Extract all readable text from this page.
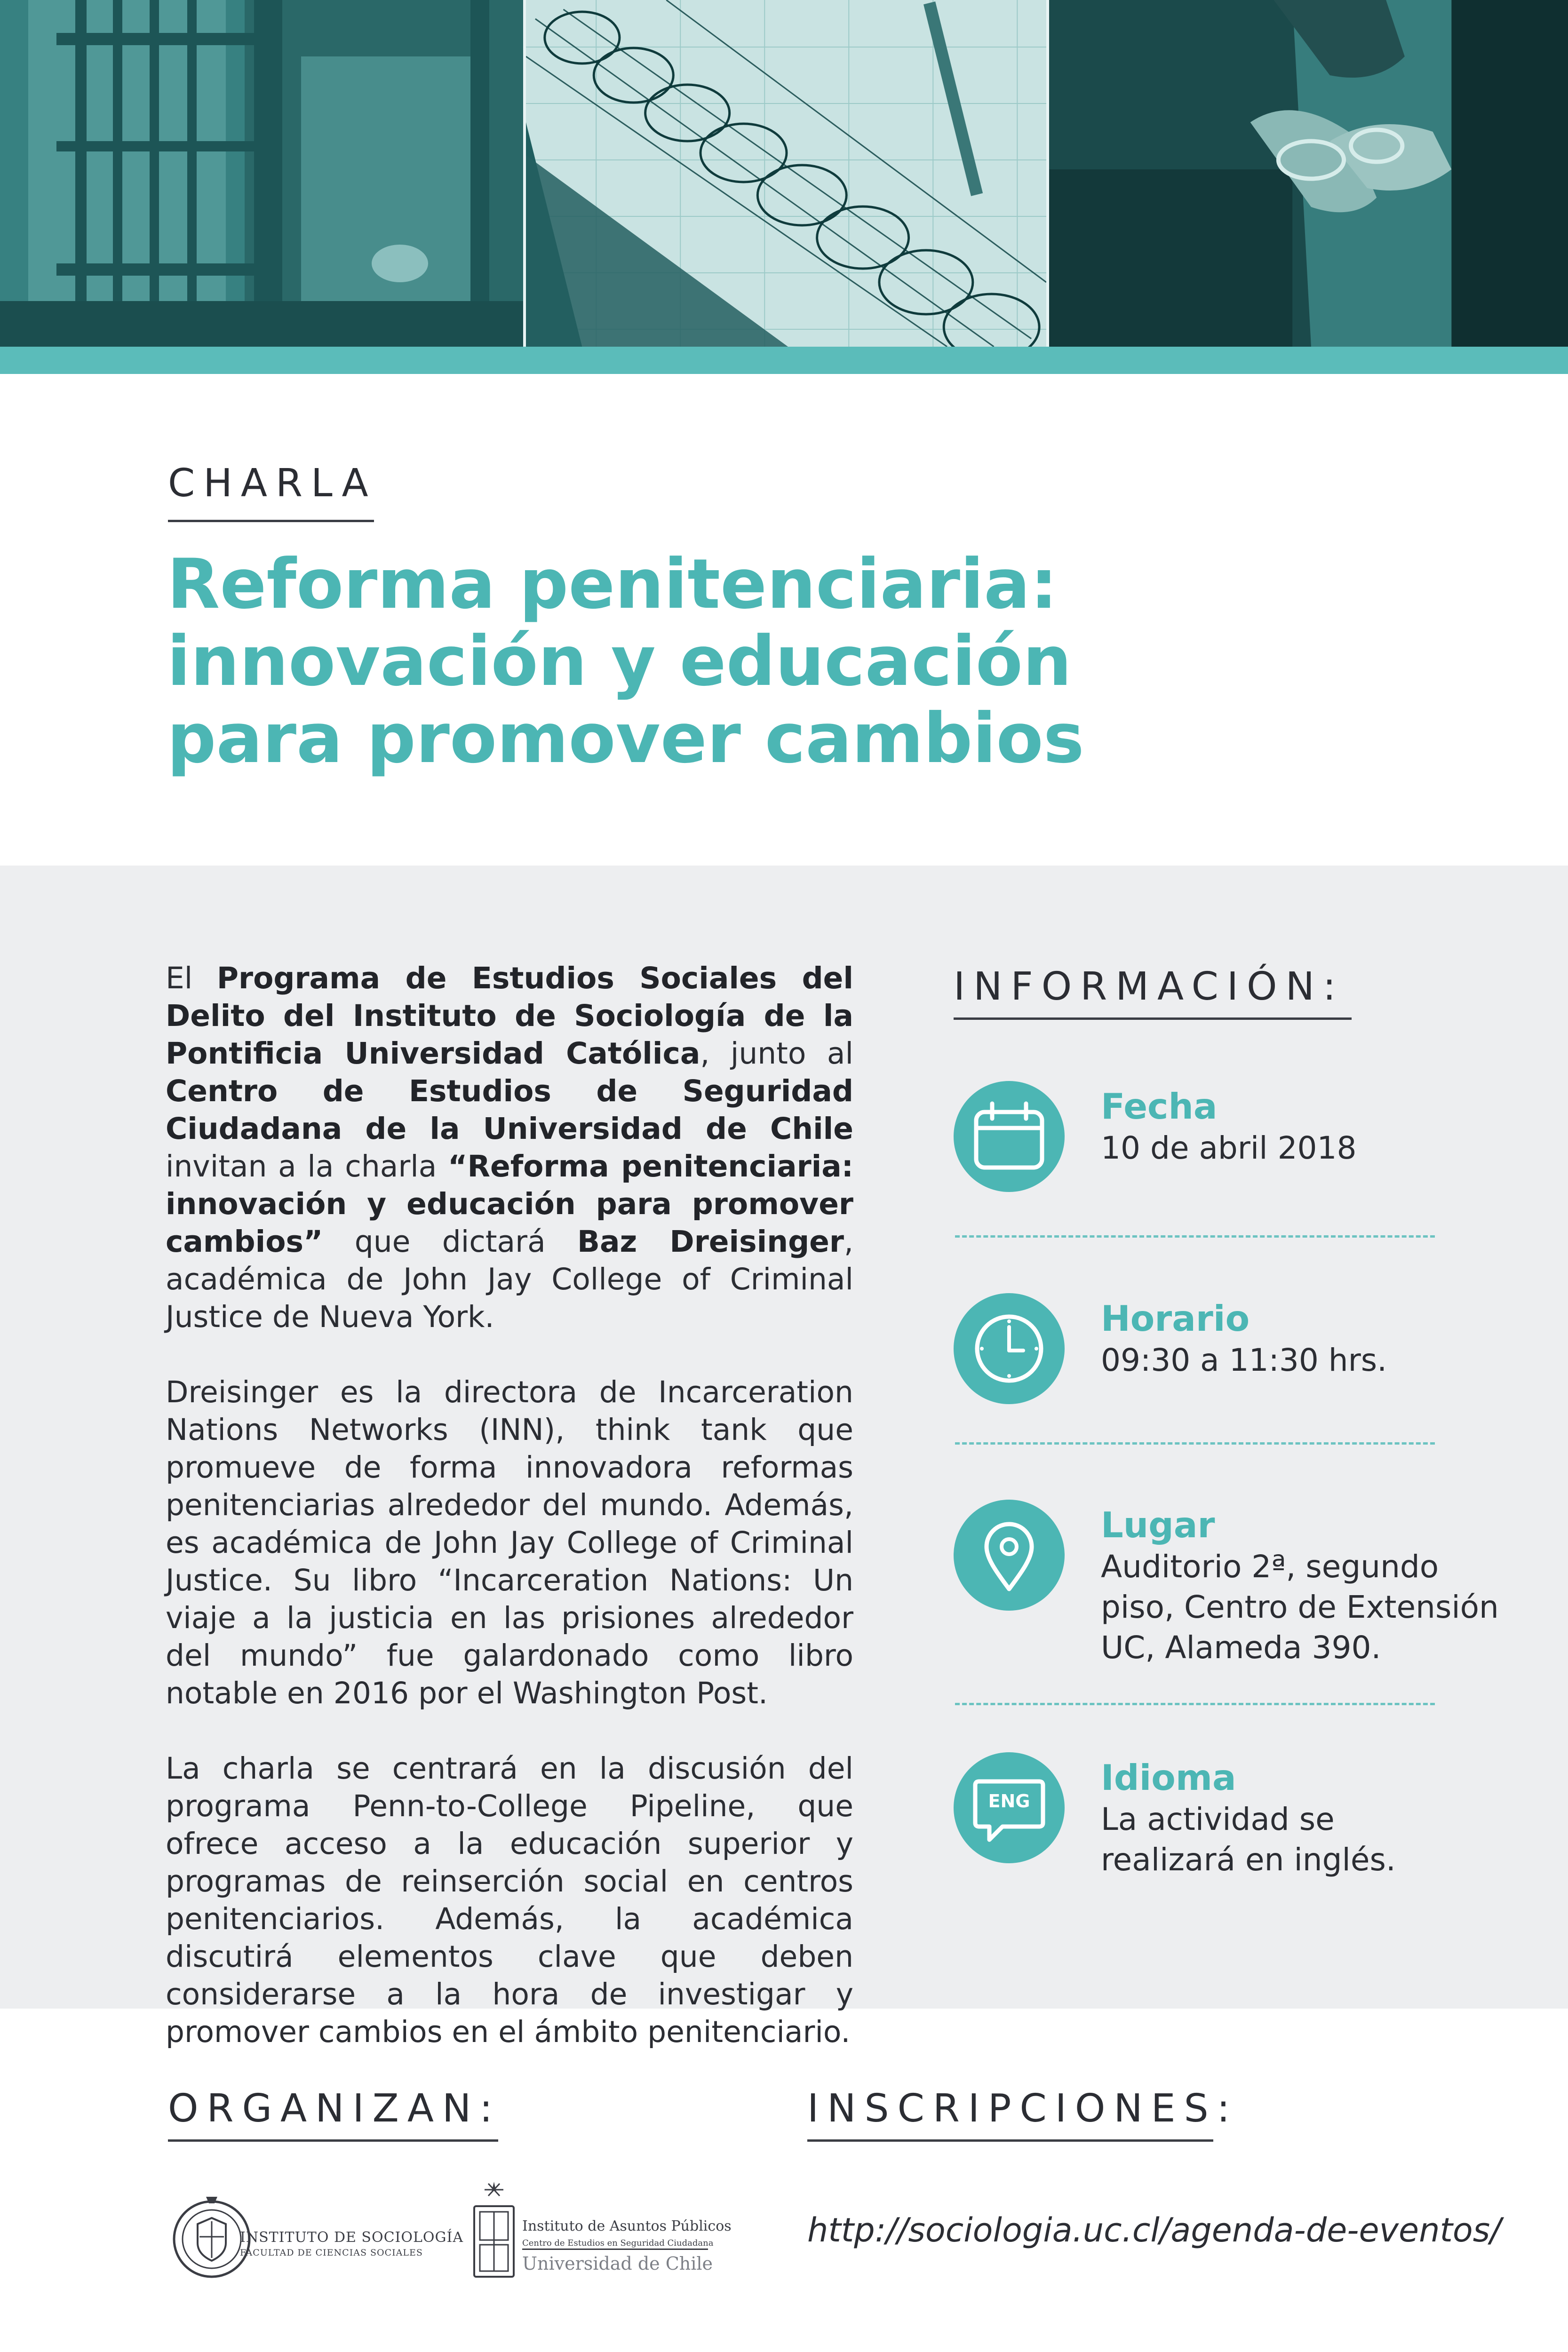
CHARLA
Reforma penitenciaria:
innovación y educación
para promover cambios

El Programa de Estudios Sociales del Delito del Instituto de Sociología de la Pontificia Universidad Católica, junto al Centro de Estudios de Seguridad Ciudadana de la Universidad de Chile invitan a la charla “Reforma penitenciaria: innovación y educación para promover cambios” que dictará Baz Dreisinger, académica de John Jay College of Criminal Justice de Nueva York.

Dreisinger es la directora de Incarceration Nations Networks (INN), think tank que promueve de forma innovadora reformas penitenciarias alrededor del mundo. Además, es académica de John Jay College of Criminal Justice. Su libro “Incarceration Nations: Un viaje a la justicia en las prisiones alrededor del mundo” fue galardonado como libro notable en 2016 por el Washington Post.

La charla se centrará en la discusión del programa Penn-to-College Pipeline, que ofrece acceso a la educación superior y programas de reinserción social en centros penitenciarios. Además, la académica discutirá elementos clave que deben considerarse a la hora de investigar y promover cambios en el ámbito penitenciario.

INFORMACIÓN:
Fecha
10 de abril 2018
Horario
09:30 a 11:30 hrs.
Lugar
Auditorio 2ª, segundo piso, Centro de Extensión UC, Alameda 390.
ENG
Idioma
La actividad se realizará en inglés.
ORGANIZAN:	INSCRIPCIONES:
INSTITUTO DE SOCIOLOGÍA
FACULTAD DE CIENCIAS SOCIALES
Instituto de Asuntos Públicos
Centro de Estudios en Seguridad Ciudadana
Universidad de Chile
http://sociologia.uc.cl/agenda-de-eventos/
